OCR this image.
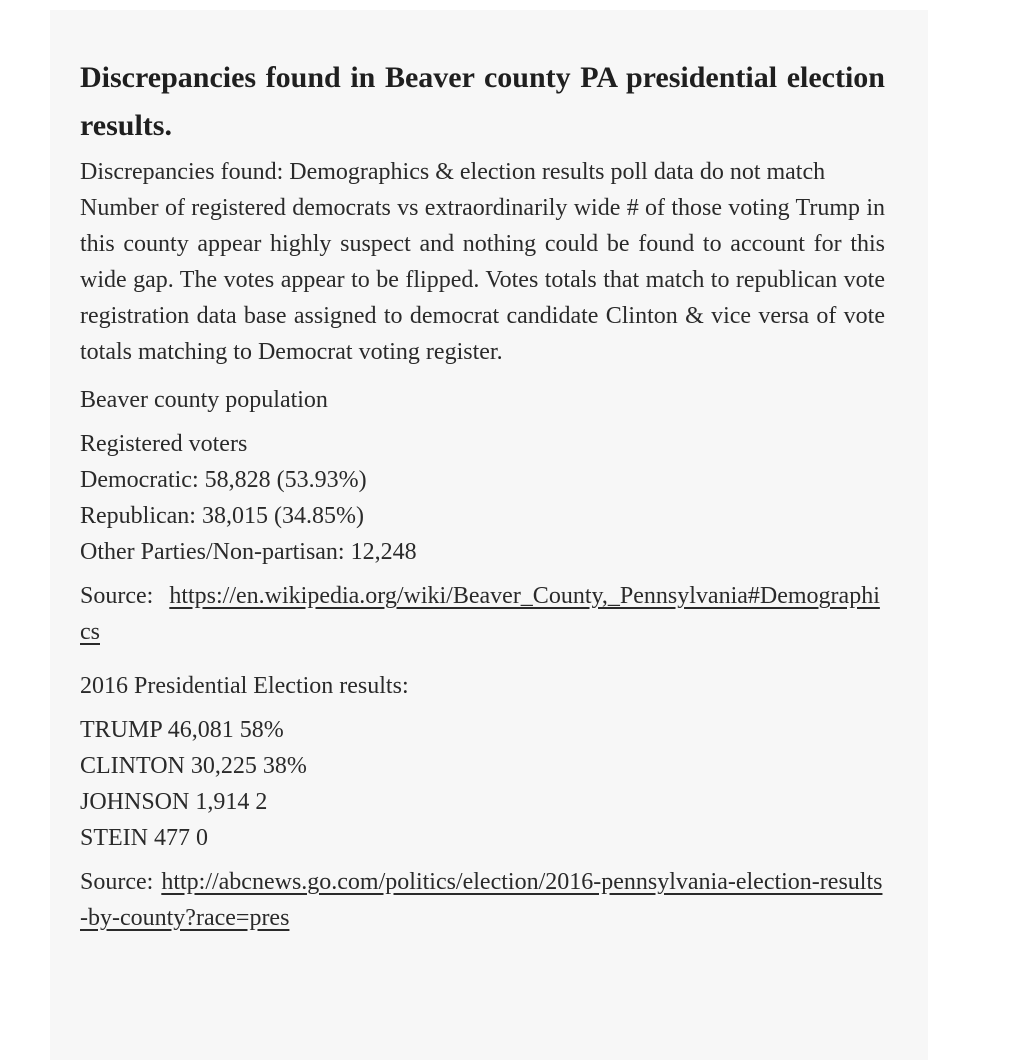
Discrepancies found in Beaver county PA presidential election results.

Discrepancies found: Demographics & election results poll data do not match

Number of registered democrats vs extraordinarily wide # of those voting Trump in this county appear highly suspect and nothing could be found to account for this wide gap. The votes appear to be flipped. Votes totals that match to republican vote registration data base assigned to democrat candidate Clinton & vice versa of vote totals matching to Democrat voting register.

Beaver county population
Registered voters
Democratic: 58,828 (53.93%)
Republican: 38,015 (34.85%)
Other Parties/Non-partisan: 12,248
Source: https://en.wikipedia.org/wiki/Beaver_County,_Pennsylvania#Demographics
2016 Presidential Election results:
TRUMP 46,081 58%
CLINTON 30,225 38%
JOHNSON 1,914 2
STEIN 477 0
Source: http://abcnews.go.com/politics/election/2016-pennsylvania-election-results-by-county?race=pres
